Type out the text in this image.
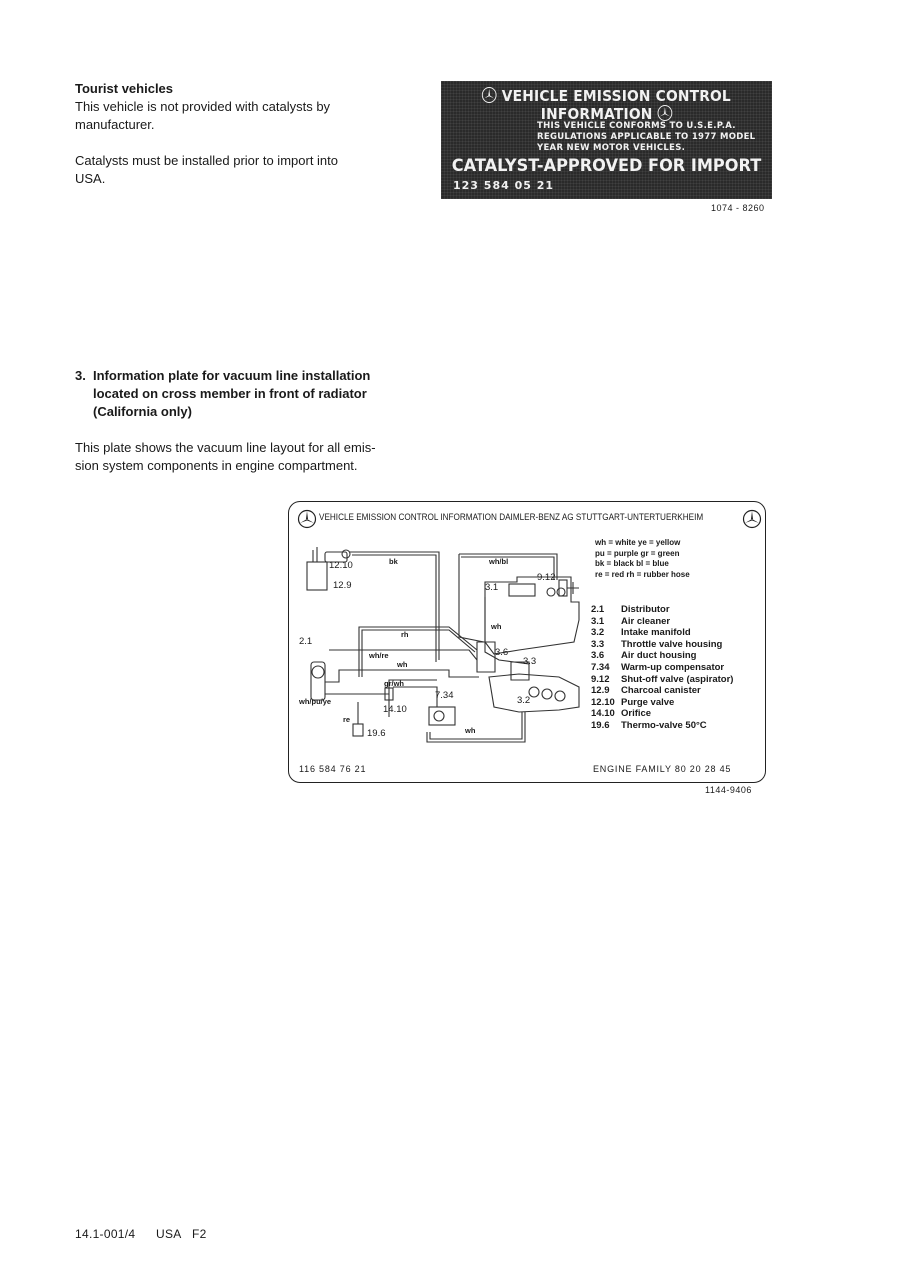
Tourist vehicles
This vehicle is not provided with catalysts by
manufacturer.
Catalysts must be installed prior to import into
USA.
VEHICLE EMISSION CONTROL INFORMATION
THIS VEHICLE CONFORMS TO U.S.E.P.A.
REGULATIONS APPLICABLE TO 1977 MODEL
YEAR NEW MOTOR VEHICLES.
CATALYST-APPROVED FOR IMPORT
123 584 05 21
1074 - 8260
3. Information plate for vacuum line installation
located on cross member in front of radiator
(California only)
This plate shows the vacuum line layout for all emis-
sion system components in engine compartment.
VEHICLE EMISSION CONTROL INFORMATION DAIMLER-BENZ AG STUTTGART-UNTERTUERKHEIM
12.10	bk	wh/bl
12.9
9.12
3.1
2.1
rh
wh/re
wh
wh
3.6
3.3
gr/wh
7.34	3.2
wh/pu/ye
14.10
re
wh
19.6
wh = white ye = yellow
pu = purple gr = green
bk = black bl = blue
re = red rh = rubber hose
2.1 Distributor
3.1 Air cleaner
3.2 Intake manifold
3.3 Throttle valve housing
3.6 Air duct housing
7.34 Warm-up compensator
9.12 Shut-off valve (aspirator)
12.9 Charcoal canister
12.10 Purge valve
14.10 Orifice
19.6 Thermo-valve 50°C
116 584 76 21	ENGINE FAMILY 80 20 28 45
1144-9406
14.1-001/4 USA F2
